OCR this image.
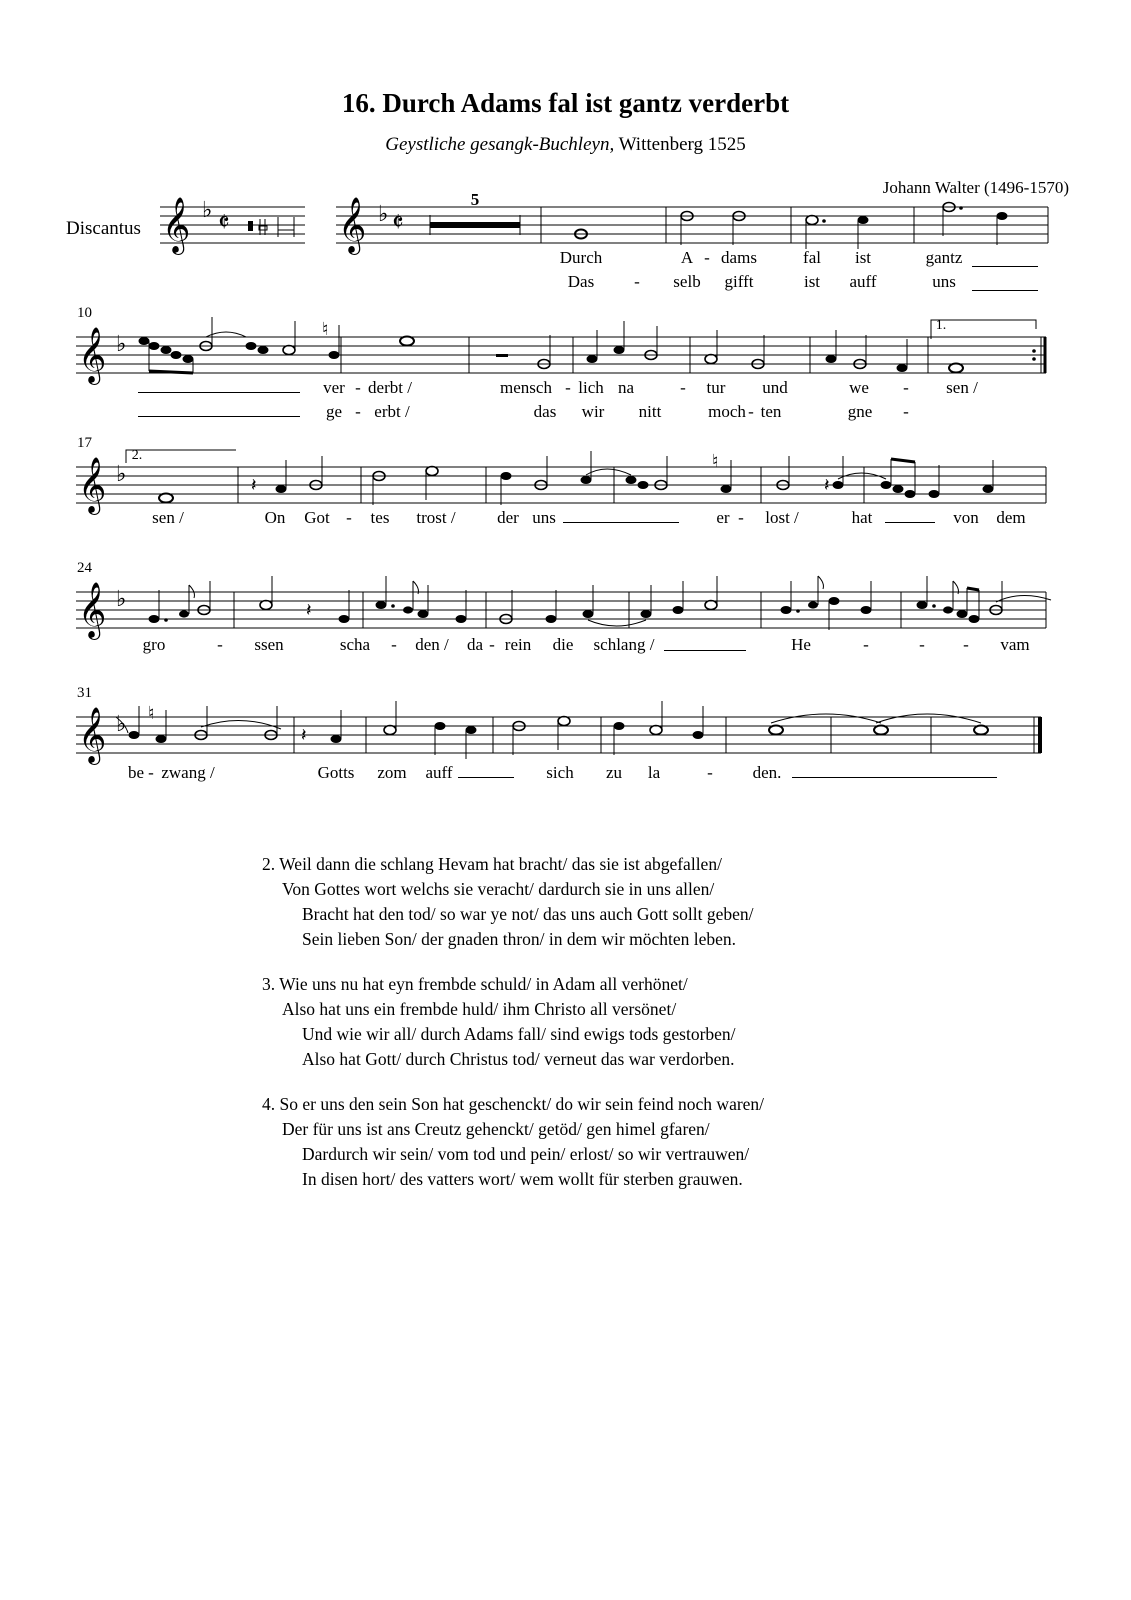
16. Durch Adams fal ist gantz verderbt
Geystliche gesangk-Buchleyn, Wittenberg 1525
Johann Walter (1496-1570)
Discantus 𝄞 ♭ 𝄵 𝄞 ♭ 𝄵
5
10
𝄞 ♭
♮	1.
17
𝄞 ♭	𝄽
♮
𝄽
2.
24
𝄞 ♭	𝄽
31
𝄞 ♭ ♮
𝄽
Durch	A - dams	fal ist	gantz
Das - selb gifft	ist auff	uns
ver - derbt /	mensch - lich na	- tur und	we - sen /
ge - erbt /	das wir nitt	moch - ten	gne -
sen /	On Got - tes trost / der uns	er - lost /	hat	von dem
gro	- ssen	scha - den / da - rein die schlang /	He	-	- - vam
be - zwang /	Gotts zom auff	sich zu la	- den.
2. Weil dann die schlang Hevam hat bracht/ das sie ist abgefallen/
Von Gottes wort welchs sie veracht/ dardurch sie in uns allen/
Bracht hat den tod/ so war ye not/ das uns auch Gott sollt geben/
Sein lieben Son/ der gnaden thron/ in dem wir möchten leben.
3. Wie uns nu hat eyn frembde schuld/ in Adam all verhönet/
Also hat uns ein frembde huld/ ihm Christo all versönet/
Und wie wir all/ durch Adams fall/ sind ewigs tods gestorben/
Also hat Gott/ durch Christus tod/ verneut das war verdorben.
4. So er uns den sein Son hat geschenckt/ do wir sein feind noch waren/
Der für uns ist ans Creutz gehenckt/ getöd/ gen himel gfaren/
Dardurch wir sein/ vom tod und pein/ erlost/ so wir vertrauwen/
In disen hort/ des vatters wort/ wem wollt für sterben grauwen.
